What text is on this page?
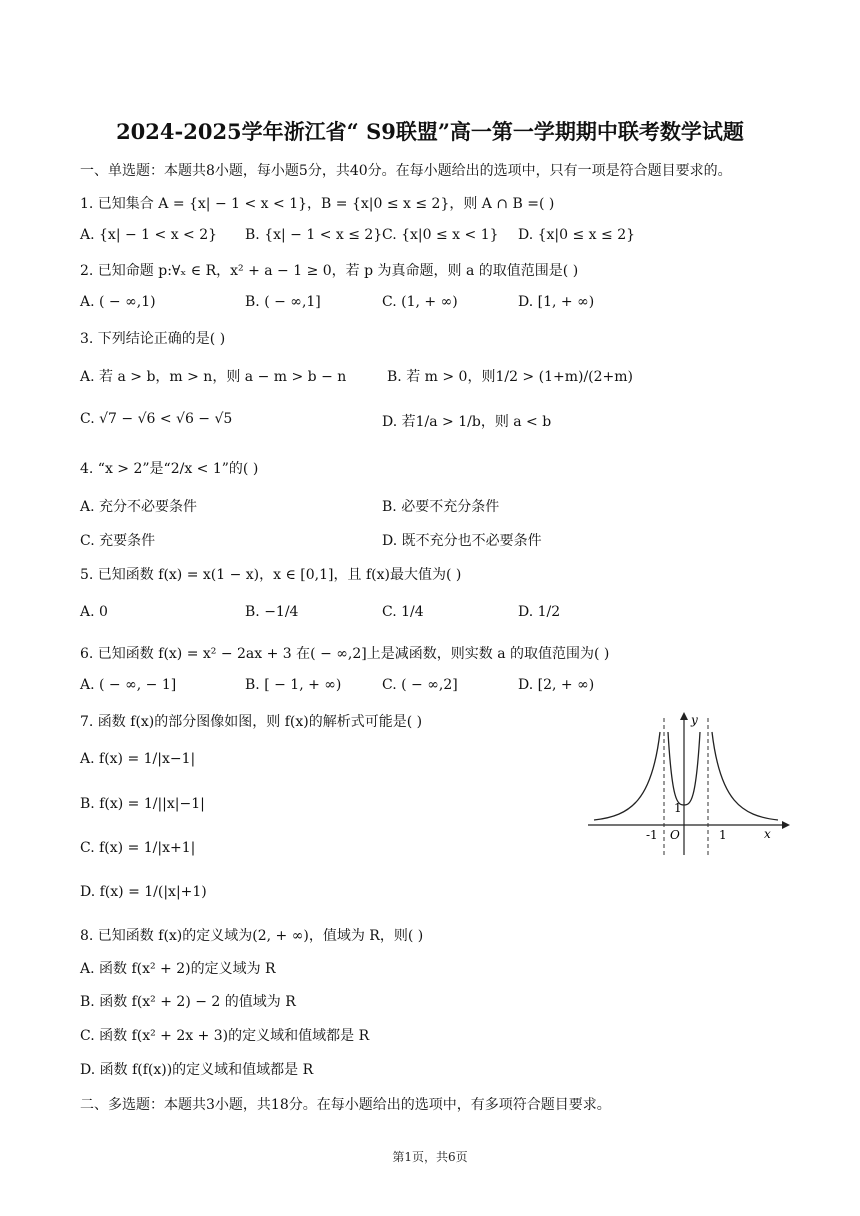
2024-2025学年浙江省“ S9联盟”高一第一学期期中联考数学试题
一、单选题：本题共8小题，每小题5分，共40分。在每小题给出的选项中，只有一项是符合题目要求的。
1. 已知集合 A = {x| − 1 < x < 1}，B = {x|0 ≤ x ≤ 2}，则 A ∩ B =( )
A. {x| − 1 < x < 2} B. {x| − 1 < x ≤ 2} C. {x|0 ≤ x < 1} D. {x|0 ≤ x ≤ 2}
2. 已知命题 p:∀ₓ ∈ R，x² + a − 1 ≥ 0，若 p 为真命题，则 a 的取值范围是( )
A. ( − ∞,1)	B. ( − ∞,1]	C. (1, + ∞)	D. [1, + ∞)
3. 下列结论正确的是( )
A. 若 a > b，m > n，则 a − m > b − n	B. 若 m > 0，则1/2 > (1+m)/(2+m)
C. √7 − √6 < √6 − √5	D. 若1/a > 1/b，则 a < b
4. “x > 2”是“2/x < 1”的( )
A. 充分不必要条件	B. 必要不充分条件
C. 充要条件	D. 既不充分也不必要条件
5. 已知函数 f(x) = x(1 − x)，x ∈ [0,1]，且 f(x)最大值为( )
A. 0	B. −1/4	C. 1/4	D. 1/2
6. 已知函数 f(x) = x² − 2ax + 3 在( − ∞,2]上是减函数，则实数 a 的取值范围为( )
A. ( − ∞, − 1]	B. [ − 1, + ∞)	C. ( − ∞,2]	D. [2, + ∞)
7. 函数 f(x)的部分图像如图，则 f(x)的解析式可能是( )
A. f(x) = 1/|x−1|
B. f(x) = 1/||x|−1|
C. f(x) = 1/|x+1|
D. f(x) = 1/(|x|+1)
y
x
-1 O	1
1
8. 已知函数 f(x)的定义域为(2, + ∞)，值域为 R，则( )
A. 函数 f(x² + 2)的定义域为 R
B. 函数 f(x² + 2) − 2 的值域为 R
C. 函数 f(x² + 2x + 3)的定义域和值域都是 R
D. 函数 f(f(x))的定义域和值域都是 R
二、多选题：本题共3小题，共18分。在每小题给出的选项中，有多项符合题目要求。
第1页，共6页
